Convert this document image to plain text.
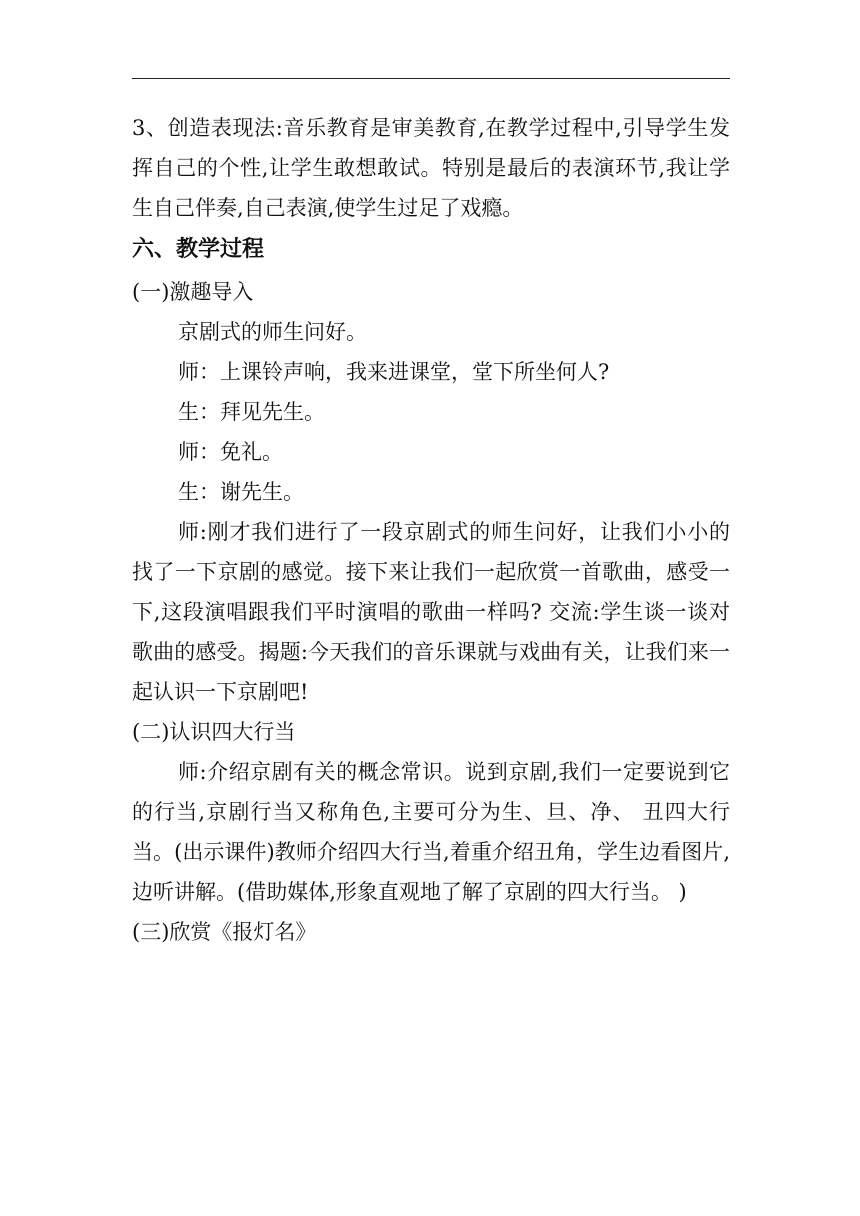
3、创造表现法:音乐教育是审美教育,在教学过程中,引导学生发挥自己的个性,让学生敢想敢试。特别是最后的表演环节,我让学生自己伴奏,自己表演,使学生过足了戏瘾。

六、教学过程

(一)激趣导入

京剧式的师生问好。

师：上课铃声响，我来进课堂，堂下所坐何人?

生：拜见先生。

师：免礼。

生：谢先生。

师:刚才我们进行了一段京剧式的师生问好，让我们小小的找了一下京剧的感觉。接下来让我们一起欣赏一首歌曲，感受一下,这段演唱跟我们平时演唱的歌曲一样吗? 交流:学生谈一谈对歌曲的感受。揭题:今天我们的音乐课就与戏曲有关，让我们来一起认识一下京剧吧!

(二)认识四大行当

师:介绍京剧有关的概念常识。说到京剧,我们一定要说到它的行当,京剧行当又称角色,主要可分为生、旦、净、 丑四大行当。(出示课件)教师介绍四大行当,着重介绍丑角，学生边看图片,边听讲解。(借助媒体,形象直观地了解了京剧的四大行当。 )

(三)欣赏《报灯名》
